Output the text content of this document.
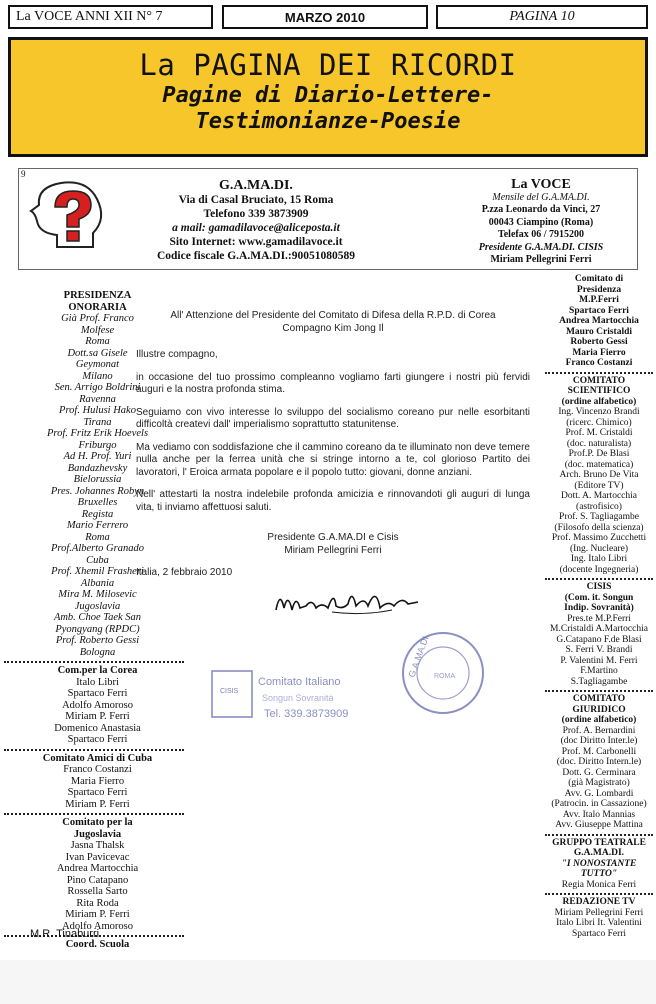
La VOCE ANNI XII N° 7	MARZO 2010	PAGINA 10
La PAGINA DEI RICORDI
Pagine di Diario-Lettere-
Testimonianze-Poesie
9
G.A.MA.DI.
Via di Casal Bruciato, 15 Roma
Telefono 339 3873909
a mail: gamadilavoce@aliceposta.it
Sito Internet: www.gamadilavoce.it
Codice fiscale G.A.MA.DI.:90051080589
La VOCE
Mensile del G.A.MA.DI.
P.zza Leonardo da Vinci, 27
00043 Ciampino (Roma)
Telefax 06 / 7915200
Presidente G.A.MA.DI. CISIS
Miriam Pellegrini Ferri
PRESIDENZA
ONORARIA
Già Prof. Franco
Molfese
Roma
Dott.sa Gisele
Geymonat
Milano
Sen. Arrigo Boldrini
Ravenna
Prof. Hulusi Hako
Tirana
Prof. Fritz Erik Hoevels
Friburgo
Ad H. Prof. Yuri
Bandazhevsky
Bielorussia
Pres. Johannes Robyn
Bruxelles
Regista
Mario Ferrero
Roma
Prof.Alberto Granado
Cuba
Prof. Xhemil Frasheri
Albania
Mira M. Milosevic
Jugoslavia
Amb. Choe Taek San
Pyongyang (RPDC)
Prof. Roberto Gessi
Bologna
Com.per la Corea
Italo Libri
Spartaco Ferri
Adolfo Amoroso
Miriam P. Ferri
Domenico Anastasia
Spartaco Ferri
Comitato Amici di Cuba
Franco Costanzi
Maria Fierro
Spartaco Ferri
Miriam P. Ferri
Comitato per la
Jugoslavia
Jasna Thalsk
Ivan Pavicevac
Andrea Martocchia
Pino Catapano
Rossella Sarto
Rita Roda
Miriam P. Ferri
Adolfo Amoroso
Coord. Scuola
M.R. Tinaburri
Comitato di
Presidenza
M.P.Ferri
Spartaco Ferri
Andrea Martocchia
Mauro Cristaldi
Roberto Gessi
Maria Fierro
Franco Costanzi
COMITATO
SCIENTIFICO
(ordine alfabetico)
Ing. Vincenzo Brandi
(ricerc. Chimico)
Prof. M. Cristaldi
(doc. naturalista)
Prof.P. De Blasi
(doc. matematica)
Arch. Bruno De Vita
(Editore TV)
Dott. A. Martocchia
(astrofisico)
Prof. S. Tagliagambe
(Filosofo della scienza)
Prof. Massimo Zucchetti
(Ing. Nucleare)
Ing. Italo Libri
(docente Ingegneria)
CISIS
(Com. it. Songun
Indip. Sovranità)
Pres.te M.P.Ferri
M.Cristaldi A.Martocchia
G.Catapano F.de Blasi
S. Ferri V. Brandi
P. Valentini M. Ferri
F.Martino
S.Tagliagambe
COMITATO
GIURIDICO
(ordine alfabetico)
Prof. A. Bernardini
(doc Diritto Inter.le)
Prof. M. Carbonelli
(doc. Diritto Intern.le)
Dott. G. Cerminara
(già Magistrato)
Avv. G. Lombardi
(Patrocin. in Cassazione)
Avv. Italo Mannias
Avv. Giuseppe Mattina
GRUPPO TEATRALE
G.A.MA.DI.
"I NONOSTANTE
TUTTO"
Regia Monica Ferri
REDAZIONE TV
Miriam Pellegrini Ferri
Italo Libri It. Valentini
Spartaco Ferri
All' Attenzione del Presidente del Comitato di Difesa della R.P.D. di Corea
Compagno Kim Jong Il

Illustre compagno,

in occasione del tuo prossimo compleanno vogliamo farti giungere i nostri più fervidi auguri e la nostra profonda stima.

Seguiamo con vivo interesse lo sviluppo del socialismo coreano pur nelle esorbitanti difficoltà createvi dall' imperialismo soprattutto statunitense.

Ma vediamo con soddisfazione che il cammino coreano da te illuminato non deve temere nulla anche per la ferrea unità che si stringe intorno a te, col glorioso Partito dei lavoratori, l' Eroica armata popolare e il popolo tutto: giovani, donne anziani.

Nell' attestarti la nostra indelebile profonda amicizia e rinnovandoti gli auguri di lunga vita, ti inviamo affettuosi saluti.

Presidente G.A.MA.DI e Cisis
Miriam Pellegrini Ferri
Italia, 2 febbraio 2010
CISIS
Comitato Italiano
Songun Sovranità
Tel. 339.3873909
G.A.MA.DI. ROMA
